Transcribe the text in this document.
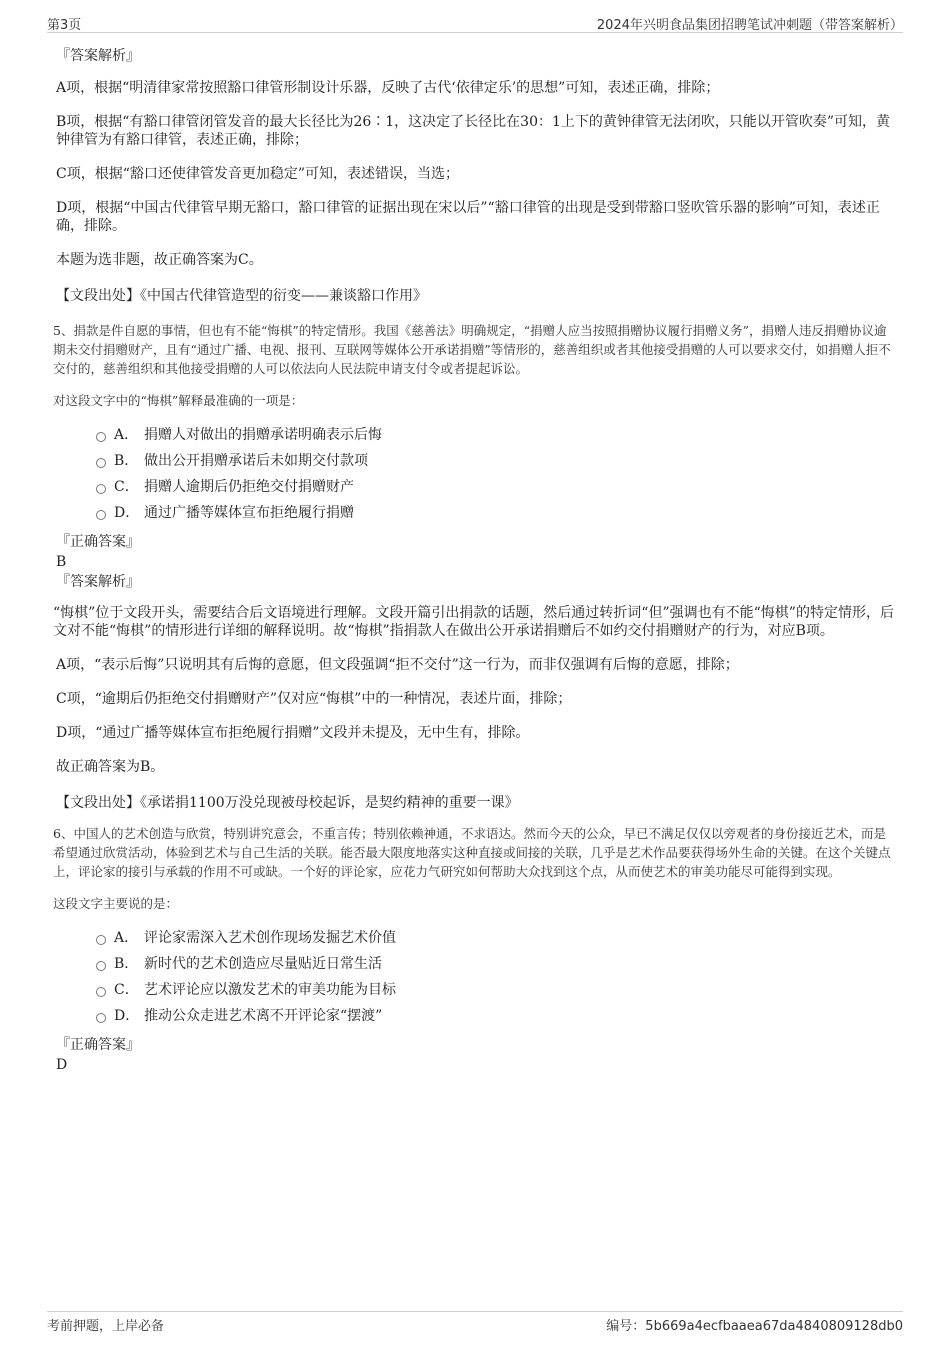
第3页	2024年兴明食品集团招聘笔试冲刺题（带答案解析）
『答案解析』

A项，根据“明清律家常按照豁口律管形制设计乐器，反映了古代‘依律定乐’的思想”可知，表述正确，排除；

B项，根据“有豁口律管闭管发音的最大长径比为26∶1，这决定了长径比在30：1上下的黄钟律管无法闭吹，只能以开管吹奏”可知，黄钟律管为有豁口律管，表述正确，排除；

C项，根据“豁口还使律管发音更加稳定”可知，表述错误，当选；

D项，根据“中国古代律管早期无豁口，豁口律管的证据出现在宋以后”“豁口律管的出现是受到带豁口竖吹管乐器的影响”可知，表述正确，排除。

本题为选非题，故正确答案为C。

【文段出处】《中国古代律管造型的衍变——兼谈豁口作用》

5、捐款是件自愿的事情，但也有不能“悔棋”的特定情形。我国《慈善法》明确规定，“捐赠人应当按照捐赠协议履行捐赠义务”，捐赠人违反捐赠协议逾期未交付捐赠财产，且有“通过广播、电视、报刊、互联网等媒体公开承诺捐赠”等情形的，慈善组织或者其他接受捐赠的人可以要求交付，如捐赠人拒不交付的，慈善组织和其他接受捐赠的人可以依法向人民法院申请支付令或者提起诉讼。

对这段文字中的“悔棋”解释最准确的一项是：

A． 捐赠人对做出的捐赠承诺明确表示后悔
B． 做出公开捐赠承诺后未如期交付款项
C． 捐赠人逾期后仍拒绝交付捐赠财产
D． 通过广播等媒体宣布拒绝履行捐赠
『正确答案』
B
『答案解析』

“悔棋”位于文段开头，需要结合后文语境进行理解。文段开篇引出捐款的话题，然后通过转折词“但”强调也有不能“悔棋”的特定情形，后文对不能“悔棋”的情形进行详细的解释说明。故“悔棋”指捐款人在做出公开承诺捐赠后不如约交付捐赠财产的行为，对应B项。

A项，“表示后悔”只说明其有后悔的意愿，但文段强调“拒不交付”这一行为，而非仅强调有后悔的意愿，排除；

C项，“逾期后仍拒绝交付捐赠财产”仅对应“悔棋”中的一种情况，表述片面，排除；

D项，“通过广播等媒体宣布拒绝履行捐赠”文段并未提及，无中生有，排除。

故正确答案为B。

【文段出处】《承诺捐1100万没兑现被母校起诉，是契约精神的重要一课》

6、中国人的艺术创造与欣赏，特别讲究意会，不重言传；特别依赖神通，不求语达。然而今天的公众，早已不满足仅仅以旁观者的身份接近艺术，而是希望通过欣赏活动，体验到艺术与自己生活的关联。能否最大限度地落实这种直接或间接的关联，几乎是艺术作品要获得场外生命的关键。在这个关键点上，评论家的接引与承载的作用不可或缺。一个好的评论家，应花力气研究如何帮助大众找到这个点，从而使艺术的审美功能尽可能得到实现。

这段文字主要说的是：

A． 评论家需深入艺术创作现场发掘艺术价值
B． 新时代的艺术创造应尽量贴近日常生活
C． 艺术评论应以激发艺术的审美功能为目标
D． 推动公众走进艺术离不开评论家“摆渡”
『正确答案』
D
考前押题，上岸必备	编号：5b669a4ecfbaaea67da4840809128db0
